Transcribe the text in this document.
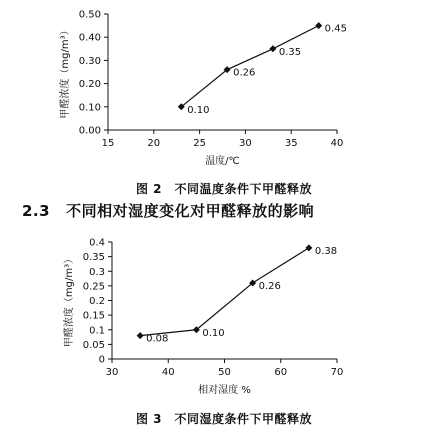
15	20	25	30	35	40
0.00
0.10
0.20
0.30
0.40
0.50
0.10
0.26
0.35
0.45
温度/℃
甲醛浓度（mg/m³）
图 2　不同温度条件下甲醛释放
2.3 不同相对湿度变化对甲醛释放的影响
30	40	50	60	70
0
0.05
0.1
0.15
0.2
0.25
0.3
0.35
0.4
0.08
0.10
0.26
0.38
相对湿度 %
甲醛浓度（mg/m³）
图 3　不同湿度条件下甲醛释放
